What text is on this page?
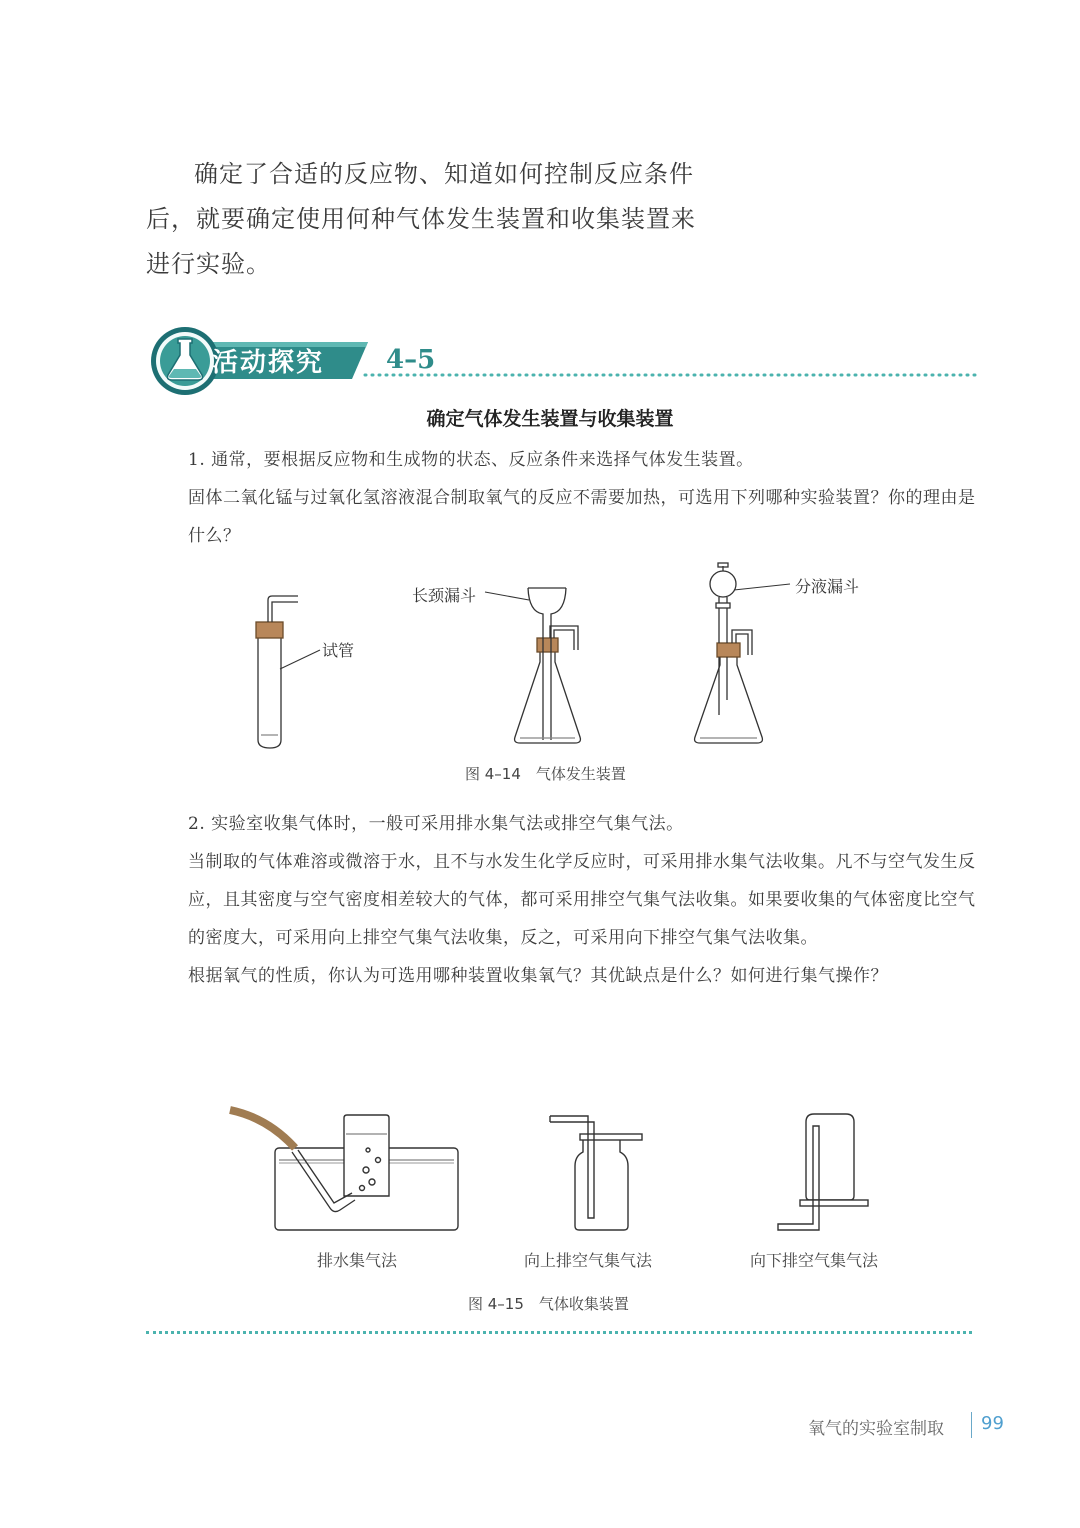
确定了合适的反应物、知道如何控制反应条件
后，就要确定使用何种气体发生装置和收集装置来
进行实验。
活动探究 4–5
确定气体发生装置与收集装置
1. 通常，要根据反应物和生成物的状态、反应条件来选择气体发生装置。
固体二氧化锰与过氧化氢溶液混合制取氧气的反应不需要加热，可选用下列哪种实验装置？你的理由是什么？
试管
长颈漏斗	分液漏斗
图 4–14　气体发生装置
2. 实验室收集气体时，一般可采用排水集气法或排空气集气法。
当制取的气体难溶或微溶于水，且不与水发生化学反应时，可采用排水集气法收集。凡不与空气发生反应，且其密度与空气密度相差较大的气体，都可采用排空气集气法收集。如果要收集的气体密度比空气的密度大，可采用向上排空气集气法收集，反之，可采用向下排空气集气法收集。
根据氧气的性质，你认为可选用哪种装置收集氧气？其优缺点是什么？如何进行集气操作？
排水集气法	向上排空气集气法	向下排空气集气法
图 4–15　气体收集装置
氧气的实验室制取 99
